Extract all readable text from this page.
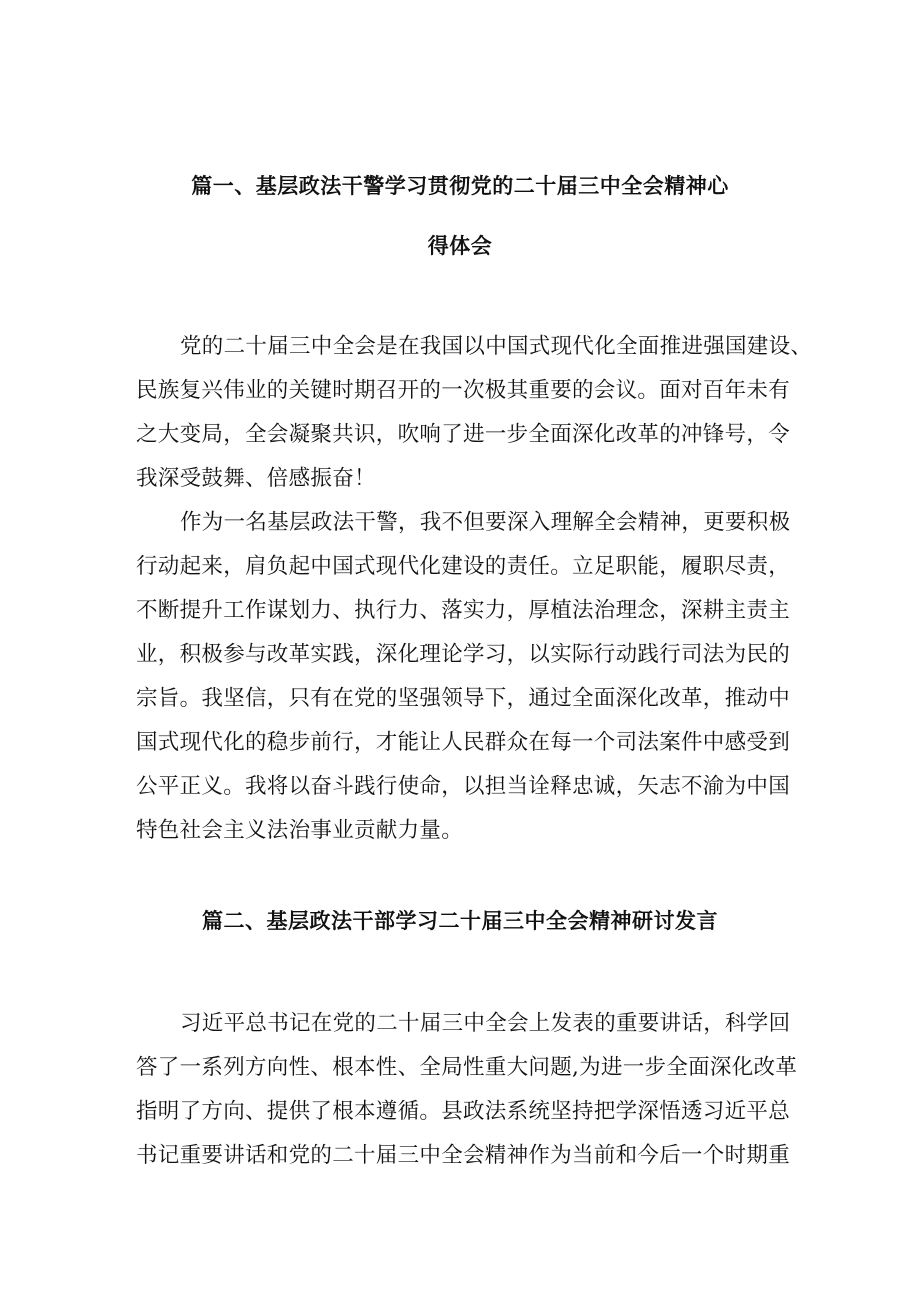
篇一、基层政法干警学习贯彻党的二十届三中全会精神心
得体会
党的二十届三中全会是在我国以中国式现代化全面推进强国建设、
民族复兴伟业的关键时期召开的一次极其重要的会议。面对百年未有
之大变局，全会凝聚共识，吹响了进一步全面深化改革的冲锋号，令
我深受鼓舞、倍感振奋！
作为一名基层政法干警，我不但要深入理解全会精神，更要积极
行动起来，肩负起中国式现代化建设的责任。立足职能，履职尽责，
不断提升工作谋划力、执行力、落实力，厚植法治理念，深耕主责主
业，积极参与改革实践，深化理论学习，以实际行动践行司法为民的
宗旨。我坚信，只有在党的坚强领导下，通过全面深化改革，推动中
国式现代化的稳步前行，才能让人民群众在每一个司法案件中感受到
公平正义。我将以奋斗践行使命，以担当诠释忠诚，矢志不渝为中国
特色社会主义法治事业贡献力量。
篇二、基层政法干部学习二十届三中全会精神研讨发言
习近平总书记在党的二十届三中全会上发表的重要讲话，科学回
答了一系列方向性、根本性、全局性重大问题,为进一步全面深化改革
指明了方向、提供了根本遵循。县政法系统坚持把学深悟透习近平总
书记重要讲话和党的二十届三中全会精神作为当前和今后一个时期重
